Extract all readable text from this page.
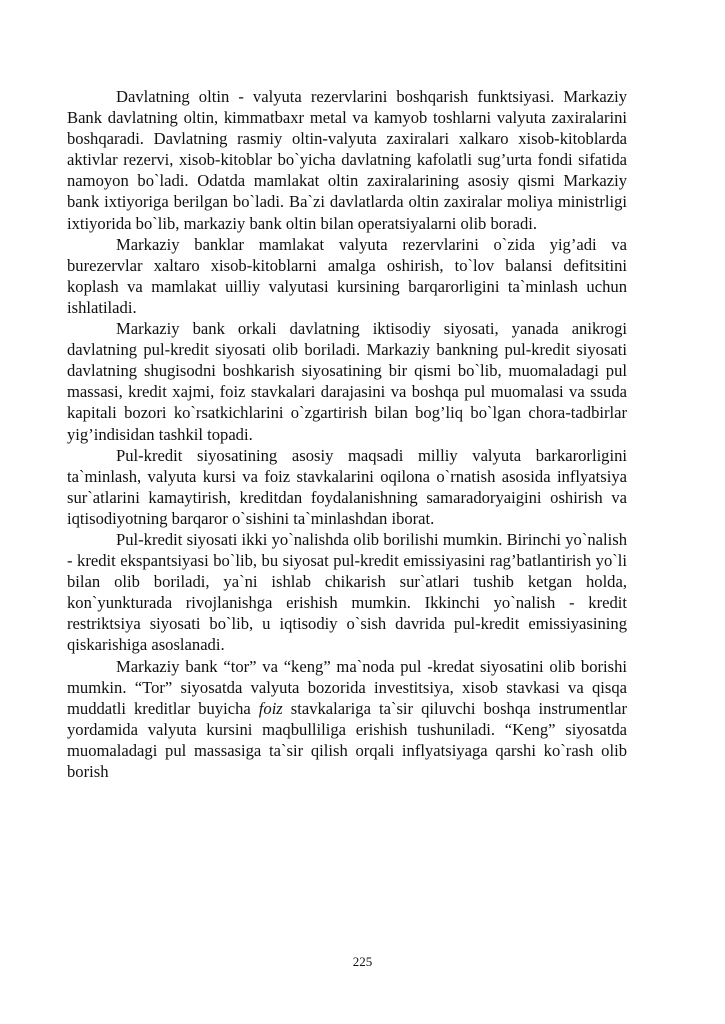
Davlatning oltin - valyuta rezervlarini boshqarish funktsiyasi. Markaziy Bank davlatning oltin, kimmatbaxr metal va kamyob toshlarni valyuta zaxiralarini boshqaradi. Davlatning rasmiy oltin-valyuta zaxiralari xalkaro xisob-kitoblarda aktivlar rezervi, xisob-kitoblar bo`yicha davlatning kafolatli sug’urta fondi sifatida namoyon bo`ladi. Odatda mamlakat oltin zaxiralarining asosiy qismi Markaziy bank ixtiyoriga berilgan bo`ladi. Ba`zi davlatlarda oltin zaxiralar moliya ministrligi ixtiyorida bo`lib, markaziy bank oltin bilan operatsiyalarni olib boradi.

Markaziy banklar mamlakat valyuta rezervlarini o`zida yig’adi va burezervlar xaltaro xisob-kitoblarni amalga oshirish, to`lov balansi defitsitini koplash va mamlakat uilliy valyutasi kursining barqarorligini ta`minlash uchun ishlatiladi.

Markaziy bank orkali davlatning iktisodiy siyosati, yanada anikrogi davlatning pul-kredit siyosati olib boriladi. Markaziy bankning pul-kredit siyosati davlatning shugisodni boshkarish siyosatining bir qismi bo`lib, muomaladagi pul massasi, kredit xajmi, foiz stavkalari darajasini va boshqa pul muomalasi va ssuda kapitali bozori ko`rsatkichlarini o`zgartirish bilan bog’liq bo`lgan chora-tadbirlar yig’indisidan tashkil topadi.

Pul-kredit siyosatining asosiy maqsadi milliy valyuta barkarorligini ta`minlash, valyuta kursi va foiz stavkalarini oqilona o`rnatish asosida inflyatsiya sur`atlarini kamaytirish, kreditdan foydalanishning samaradoryaigini oshirish va iqtisodiyotning barqaror o`sishini ta`minlashdan iborat.

Pul-kredit siyosati ikki yo`nalishda olib borilishi mumkin. Birinchi yo`nalish - kredit ekspantsiyasi bo`lib, bu siyosat pul-kredit emissiyasini rag’batlantirish yo`li bilan olib boriladi, ya`ni ishlab chikarish sur`atlari tushib ketgan holda, kon`yunkturada rivojlanishga erishish mumkin. Ikkinchi yo`nalish - kredit restriktsiya siyosati bo`lib, u iqtisodiy o`sish davrida pul-kredit emissiyasining qiskarishiga asoslanadi.

Markaziy bank “tor” va “keng” ma`noda pul -kredat siyosatini olib borishi mumkin. “Tor” siyosatda valyuta bozorida investitsiya, xisob stavkasi va qisqa muddatli kreditlar buyicha foiz stavkalariga ta`sir qiluvchi boshqa instrumentlar yordamida valyuta kursini maqbulliligа erishish tushuniladi. “Keng” siyosatda muomaladagi pul massasiga ta`sir qilish orqali inflyatsiyaga qarshi ko`rash olib borish

225
